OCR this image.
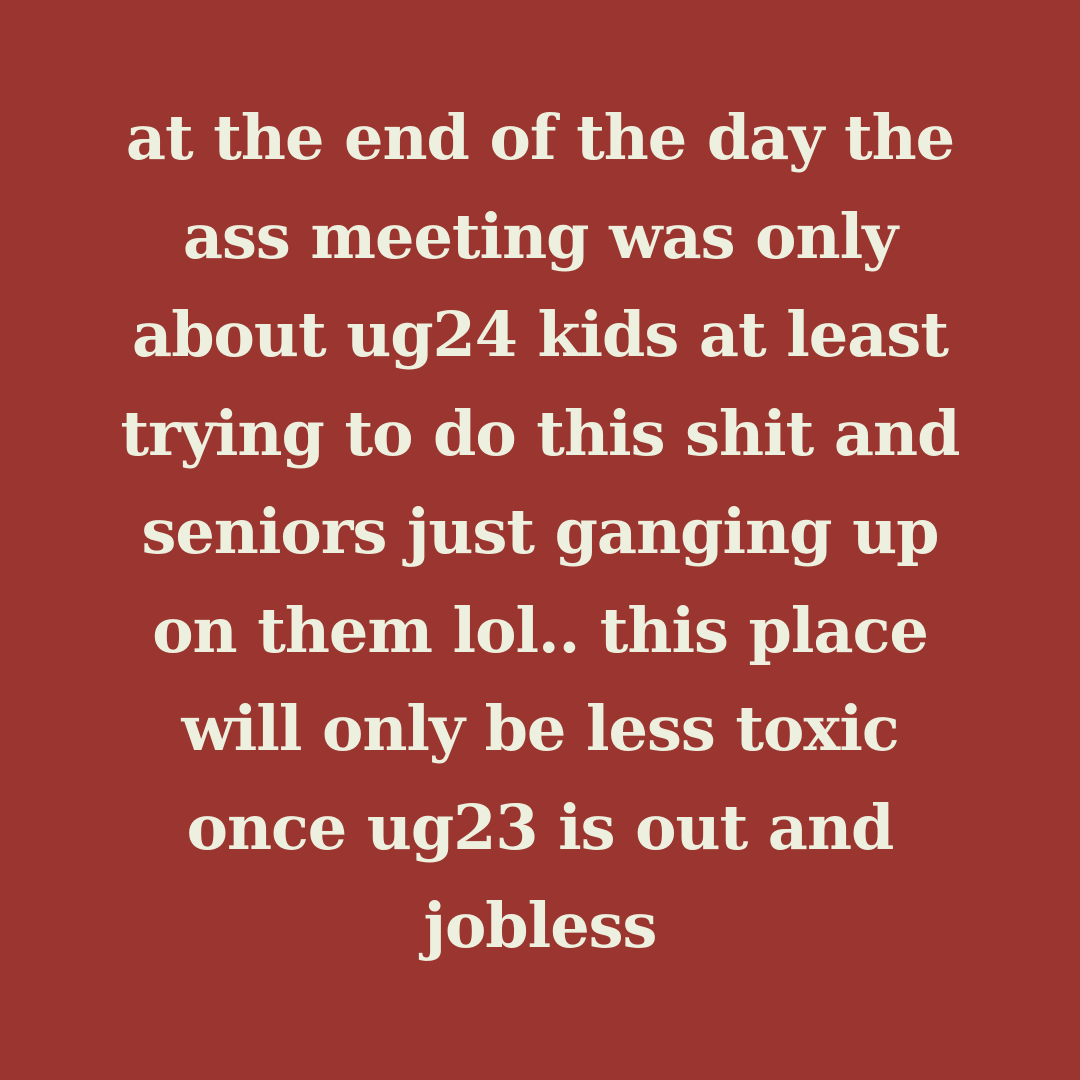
at the end of the day the
ass meeting was only
about ug24 kids at least
trying to do this shit and
seniors just ganging up
on them lol.. this place
will only be less toxic
once ug23 is out and
jobless
